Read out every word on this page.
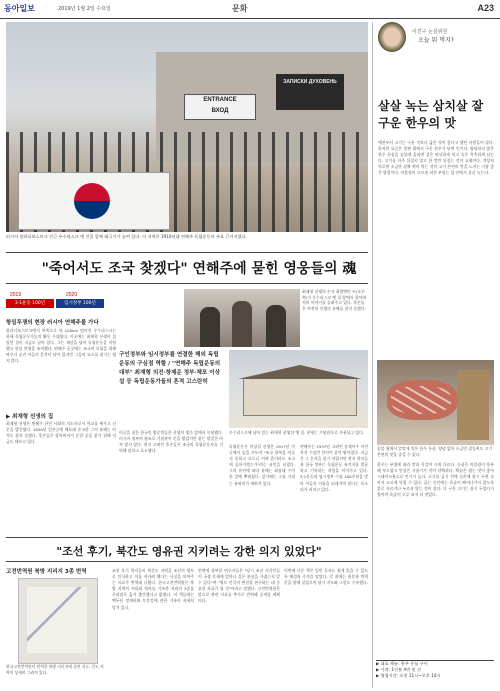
동아일보	2019년 1월 2일 수요일	문화	A23
ENTRANCE
ВХОД
ЗАПИСКИ ДУХОВЕНЬ
러시아 블라디보스토크 인근 우수리스크 옛 건물 앞에 태극기가 놓여 있다. 이 지역은 1910년대 연해주 독립운동의 주요 근거지였다.
이진구 논설위원
오늘 뭐 먹지?
살살 녹는 삼치살 잘 구운 한우의 맛
예전부터 고기는 구운 것보다 삶은 것이 좋다고 했던 사람들이 많다. 하지만 요즘은 불판 위에서 구운 한우가 단연 인기다. 양념하지 않은 한우 등심을 숯불에 올리면 겉은 바삭하게 익고 속은 촉촉하게 남는다. 고기를 자주 뒤집지 않고 한 번만 뒤집는 것이 요령이다. 적당히 익으면 소금만 살짝 찍어 먹는 것이 고기 본연의 맛을 느끼는 가장 좋은 방법이다. 마블링이 고르게 퍼진 부위는 입 안에서 살살 녹는다.
"죽어서도 조국 찾겠다" 연해주에 묻힌 영웅들의 魂
2019	2020
3·1운동 100년	임시정부 100년
항일투쟁의 현장 러시아 연해주를 가다
블라디보스토크에서 북쪽으로 약 100km 떨어진 우수리스크는 한때 독립운동가들의 활동 무대였다. 이곳에는 최재형 선생이 살았던 집이 지금도 남아 있다. 그는 재산을 털어 독립운동을 지원했고 항일 의병을 조직했다. 연해주 곳곳에는 조국의 독립을 위해 싸우다 숨진 이들의 흔적이 남아 있지만 그들의 묘소를 찾기는 쉽지 않다.
▶ 최재형 선생의 집
최재형 선생은 연해주 한인 사회의 지도자로서 학교를 세우고 신문을 발간했다. 1920년 일본군에 체포돼 순국한 그의 유해는 아직도 찾지 못했다. 후손들은 할아버지가 묻힌 곳을 찾기 위해 지금도 애쓰고 있다.
최재형 선생의 손자 최발렌틴 씨(오른쪽)가 우수리스크 옛 집 앞에서 할아버지의 이야기를 들려주고 있다. 후손들은 여전히 선생의 유해를 찾지 못했다.
구인정부와 임시정부를 연결한 해외 독립운동의 구심점 역할 / "연해주 독립운동의 대부" 최재형 의진·창제운 정부·체포 이상설 등 독립운동가들의 흔적 고스란히
이곳을 찾은 한국인 방문객들은 선생의 생가 앞에서 묵념했다. 러시아 정부의 협조로 기념관이 문을 열었지만 찾는 발길은 아직 많지 않다. 현지 고려인 후손들은 조국의 독립운동사를 기억해 달라고 호소했다.
우수리스크에 남아 있는 최재형 선생의 옛 집. 현재는 기념관으로 사용되고 있다.
독립운동가 이상설 선생은 1917년 이곳에서 숨을 거두며 "조국 광복을 이루지 못하고 죽으니 어찌 혼이라도 조국에 돌아가겠는가"라는 유언을 남겼다. 그의 유언에 따라 유해는 화장돼 수이푼 강에 뿌려졌다. 강가에는 그를 기리는 유허비가 세워져 있다.
연해주는 1937년 고려인 강제이주 이전까지 수십만 한인이 살던 땅이었다. 지금은 그 흔적을 찾기 어렵지만 현지 학자들과 한국 정부는 독립운동 유적지를 발굴하고 기록하는 작업을 이어가고 있다. 3·1운동과 임시정부 수립 100주년을 맞아 이들의 이름을 되새겨야 한다는 목소리가 커지고 있다.
"조선 후기, 북간도 영유권 지키려는 강한 의지 있었다"
고전번역원 북방 지리지 3종 번역
한국고전번역원이 번역한 북방 지리지에 실린 지도. 간도 지역이 상세히 그려져 있다.
조선 후기 학자들이 북간도 지역을 조선의 영토로 인식하고 이를 지키려 했다는 사실을 보여주는 자료가 번역돼 나왔다. 한국고전번역원은 북방 지역의 지리와 역사를 기록한 지리지 3종을 우리말로 옮겨 출간했다고 밝혔다. 이 책들에는 백두산 정계비와 토문강에 관한 기록이 자세히 담겨 있다.
번역에 참여한 연구자들은 "당시 조선 지식인들이 국경 문제에 얼마나 깊은 관심을 가졌는지 알 수 있다"며 "영토 인식의 변천을 연구하는 데 중요한 자료가 될 것"이라고 말했다. 고전번역원은 앞으로 관련 자료를 추가로 번역해 공개할 계획이다.
이번에 나온 책은 일반 독자도 쉽게 읽을 수 있도록 해설과 주석을 달았다. 각 권에는 원문과 번역문을 함께 실었으며 당시 지도와 그림도 수록했다.
숯불 위에서 알맞게 익은 한우 등심. 양념 없이 소금만 곁들여도 고기 본연의 맛을 즐길 수 있다.
한우는 부위에 따라 맛과 식감이 크게 다르다. 등심은 마블링이 풍부해 부드럽고 안심은 기름기가 적어 담백하다. 채끝은 씹는 맛이 좋아 스테이크용으로 인기가 높다. 고기를 굽기 전에 실온에 잠시 두면 속까지 고르게 익힐 수 있다. 굽는 동안에는 육즙이 빠져나가지 않도록 칼로 자르거나 누르지 않는 것이 좋다. 다 구운 고기는 잠시 두었다가 썰어야 육즙이 고루 퍼져 더 맛있다.
▶ 대표 메뉴: 한우 등심 구이
▶ 가격: 1인분 4만 원 선
▶ 영업시간: 오전 11시~오후 10시
